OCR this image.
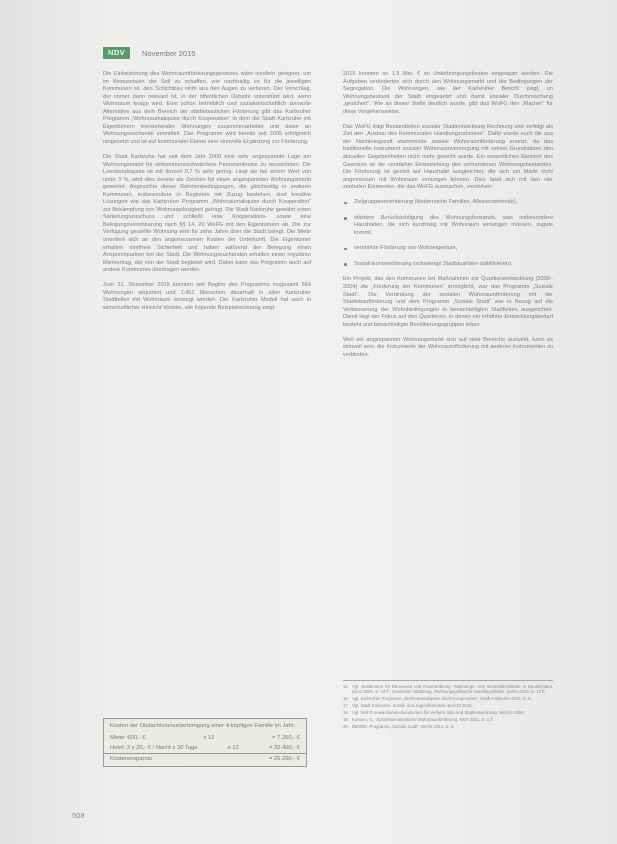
NDV	November 2015

Die Einbeziehung des Wohnraumförderungsgesetzes wäre insofern geeignet, um im Bewusstsein der Soll zu schaffen, wie nachhaltig es für die jeweiligen Kommunen ist, den Schichtbau nicht aus den Augen zu verlieren. Der Vorschlag, der immer dann relevant ist, in der öffentlichen Debatte unterstützt wird, wenn Wohnraum knapp wird. Eine schon betrieblich und sozialwirtschaftlich sinnvolle Alternative aus dem Bereich der städtebaulichen Förderung gibt das Karlsruher Programm „Wohnraumakquise durch Kooperation“ in dem die Stadt Karlsruhe mit Eigentümern leerstehender Wohnungen zusammenarbeitet und diese an Wohnungssuchende vermittelt. Das Programm wird bereits seit 2005 erfolgreich umgesetzt und ist auf kommunaler Ebene eine sinnvolle Ergänzung zur Förderung.

Die Stadt Karlsruhe hat seit dem Jahr 2000 eine sehr angespannte Lage am Wohnungsmarkt für einkommensschwächere Personenkreise zu verzeichnen. Die Leerstandsquote ist mit derzeit 0,7 % sehr gering. Liegt sie bei einem Wert von unter 3 %, wird dies bereits als Zeichen für einen angespannten Wohnungsmarkt gewertet. Angesichts dieser Rahmenbedingungen, die gleichzeitig in anderen Kommunen, insbesondere in Regionen mit Zuzug bestehen, sind kreative Lösungen wie das Karlsruher Programm „Wohnraumakquise durch Kooperation“ zur Bekämpfung von Wohnungslosigkeit gefragt. Die Stadt Karlsruhe gewährt einen Sanierungszuschuss und schließt eine Kooperations- sowie eine Belegungsvereinbarung nach §§ 14, 20 WoFG mit den Eigentümern ab. Die zur Verfügung gestellte Wohnung wird für zehn Jahre über die Stadt belegt. Die Miete orientiert sich an den angemessenen Kosten der Unterkunft. Die Eigentümer erhalten mietfreie Sicherheit und haben während der Belegung einen Ansprechpartner bei der Stadt. Die Wohnungssuchenden erhalten einen regulären Mietvertrag, der von der Stadt begleitet wird. Dabei kann das Programm auch auf andere Kommunen übertragen werden.

Zum 31. Dezember 2015 konnten seit Beginn des Programms insgesamt 564 Wohnungen akquiriert und 1.452 Menschen dauerhaft in allen Karlsruher Stadtteilen mit Wohnraum versorgt werden. Der Karlsruher Modell hat auch in wirtschaftlicher Hinsicht Vorteile, wie folgende Beispielrechnung zeigt:

Kosten der Obdachlosenunterbringung einer 4-köpfigen Familie im Jahr:
Miete: 600,- €	x 12	= 7.200,- €
Hotel: 3 x 20,- € / Nacht x 30 Tage	x 12	= 32.400,- €
Kostenersparnis	= 25.200,- €

2015 konnten so 1,5 Mio. € an Unterbringungskosten eingespart werden. Die Aufgaben veränderten sich durch den Wohnungsmarkt und die Bedingungen der Segregation. Die Wohnungen, wie der Karlsruher Bericht zeigt, im Wohnungsbestand der Stadt eingesetzt und damit sozialer Durchmischung „gesichert“. Wie an dieser Stelle deutlich wurde, gibt das WoFG den „Macher“ für diese Vorgehensweise.

Das WoFG trägt Bestandteilen sozialer Stadtentwicklung Rechnung und verfolgt als Ziel den „Ausbau des Kommunalen Handlungsrahmens“. Dafür wurde auch die aus der Nachkriegszeit stammende soziale Wohnraumförderung ersetzt, da das traditionelle Instrument sozialer Wohnraumversorgung mit seinen Grundsätzen den aktuellen Gegebenheiten nicht mehr gerecht wurde. Ein wesentliches Element des Gesetzes ist die verstärkte Einbeziehung des vorhandenen Wohnungsbestandes. Die Förderung ist gezielt auf Haushalte ausgerichtet, die sich am Markt nicht angemessen mit Wohnraum versorgen können. Dies lässt sich mit den vier zentralen Elementen, die das WoFG ausmachen, verstehen:

Zielgruppenorientierung (kinderreiche Familien, Alleinerziehende),
stärkere Berücksichtigung des Wohnungsbestands, was insbesondere Haushalten, die sich kurzfristig mit Wohnraum versorgen müssen, zugute kommt,
verstärkte Förderung von Wohneigentum,
Sozialraumorientierung (schwierige Stadtquartiere stabilisieren).

Ein Projekt, das den Kommunen bei Maßnahmen zur Quartiersentwicklung (2000–2004) die „Förderung der Kommunen“ ermöglicht, war das Programm „Soziale Stadt“. Die Verbindung der sozialen Wohnraumförderung mit der Städtebauförderung und dem Programm „Soziale Stadt“ war in Bezug auf die Verbesserung der Wohnbedingungen in benachteiligten Stadtteilen ausgerichtet. Damit liegt der Fokus auf den Quartieren, in denen ein erhöhter Entwicklungsbedarf besteht und benachteiligte Bevölkerungsgruppen leben.

Weil ein angespannter Wohnungsmarkt sich auf viele Bereiche auswirkt, kann es sinnvoll sein, die Instrumente der Wohnraumförderung mit anderen Instrumenten zu verbinden.

15 Vgl. Bundesamt für Bauwesen und Raumordnung, Wohnungs- und Immobilienmärkte in Deutschland, Bonn 2006, S. 34 ff.; Deutscher Städtetag, Wohnungspolitische Handlungsfelder, Berlin 2010, S. 12 ff.
16 Vgl. Karlsruher Programm „Wohnraumakquise durch Kooperation“, Stadt Karlsruhe 2015, S. 5.
17 Vgl. Stadt Karlsruhe, Sozial- und Jugendbehörde, Bericht 2015.
18 Vgl. WoFG sowie Bundesministerium für Verkehr, Bau und Stadtentwicklung, Bericht 2004.
19 Kuhnen, G., Sozialraumorientierte Wohnraumförderung, NDV 2011, S. 1 ff.
20 BMVBS, Programm „Soziale Stadt“, Berlin 2014, S. 8.
508
